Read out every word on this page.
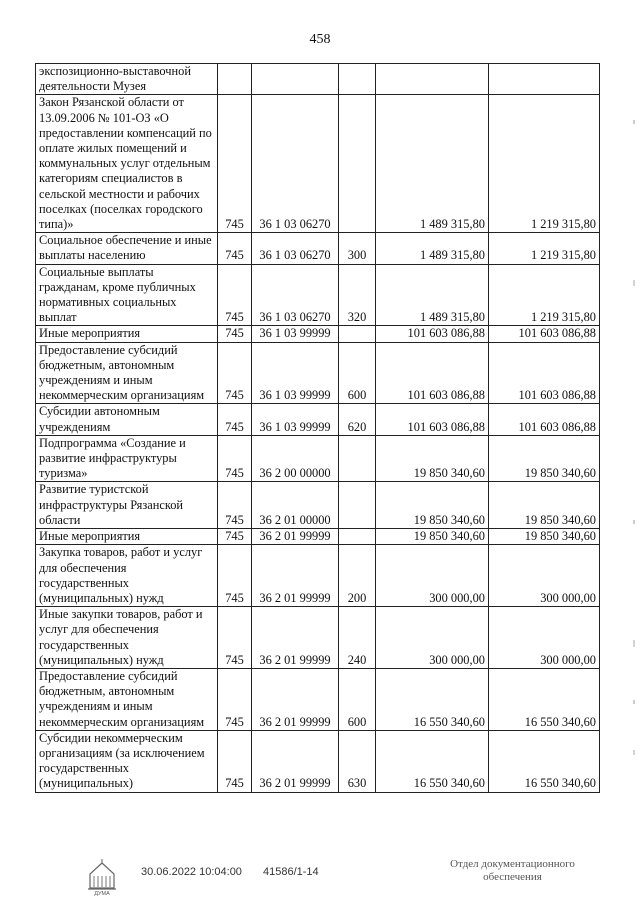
458
экспозиционно-выставочной деятельности Музея					
Закон Рязанской области от 13.09.2006 № 101-ОЗ «О предоставлении компенсаций по оплате жилых помещений и коммунальных услуг отдельным категориям специалистов в сельской местности и рабочих поселках (поселках городского типа)»	745	36 1 03 06270		1 489 315,80	1 219 315,80
Социальное обеспечение и иные выплаты населению	745	36 1 03 06270	300	1 489 315,80	1 219 315,80
Социальные выплаты гражданам, кроме публичных нормативных социальных выплат	745	36 1 03 06270	320	1 489 315,80	1 219 315,80
Иные мероприятия	745	36 1 03 99999		101 603 086,88	101 603 086,88
Предоставление субсидий бюджетным, автономным учреждениям и иным некоммерческим организациям	745	36 1 03 99999	600	101 603 086,88	101 603 086,88
Субсидии автономным учреждениям	745	36 1 03 99999	620	101 603 086,88	101 603 086,88
Подпрограмма «Создание и развитие инфраструктуры туризма»	745	36 2 00 00000		19 850 340,60	19 850 340,60
Развитие туристской инфраструктуры Рязанской области	745	36 2 01 00000		19 850 340,60	19 850 340,60
Иные мероприятия	745	36 2 01 99999		19 850 340,60	19 850 340,60
Закупка товаров, работ и услуг для обеспечения государственных (муниципальных) нужд	745	36 2 01 99999	200	300 000,00	300 000,00
Иные закупки товаров, работ и услуг для обеспечения государственных (муниципальных) нужд	745	36 2 01 99999	240	300 000,00	300 000,00
Предоставление субсидий бюджетным, автономным учреждениям и иным некоммерческим организациям	745	36 2 01 99999	600	16 550 340,60	16 550 340,60
Субсидии некоммерческим организациям (за исключением государственных (муниципальных)	745	36 2 01 99999	630	16 550 340,60	16 550 340,60
ДУМА
30.06.2022 10:04:00 41586/1-14
Отдел документационного
обеспечения
